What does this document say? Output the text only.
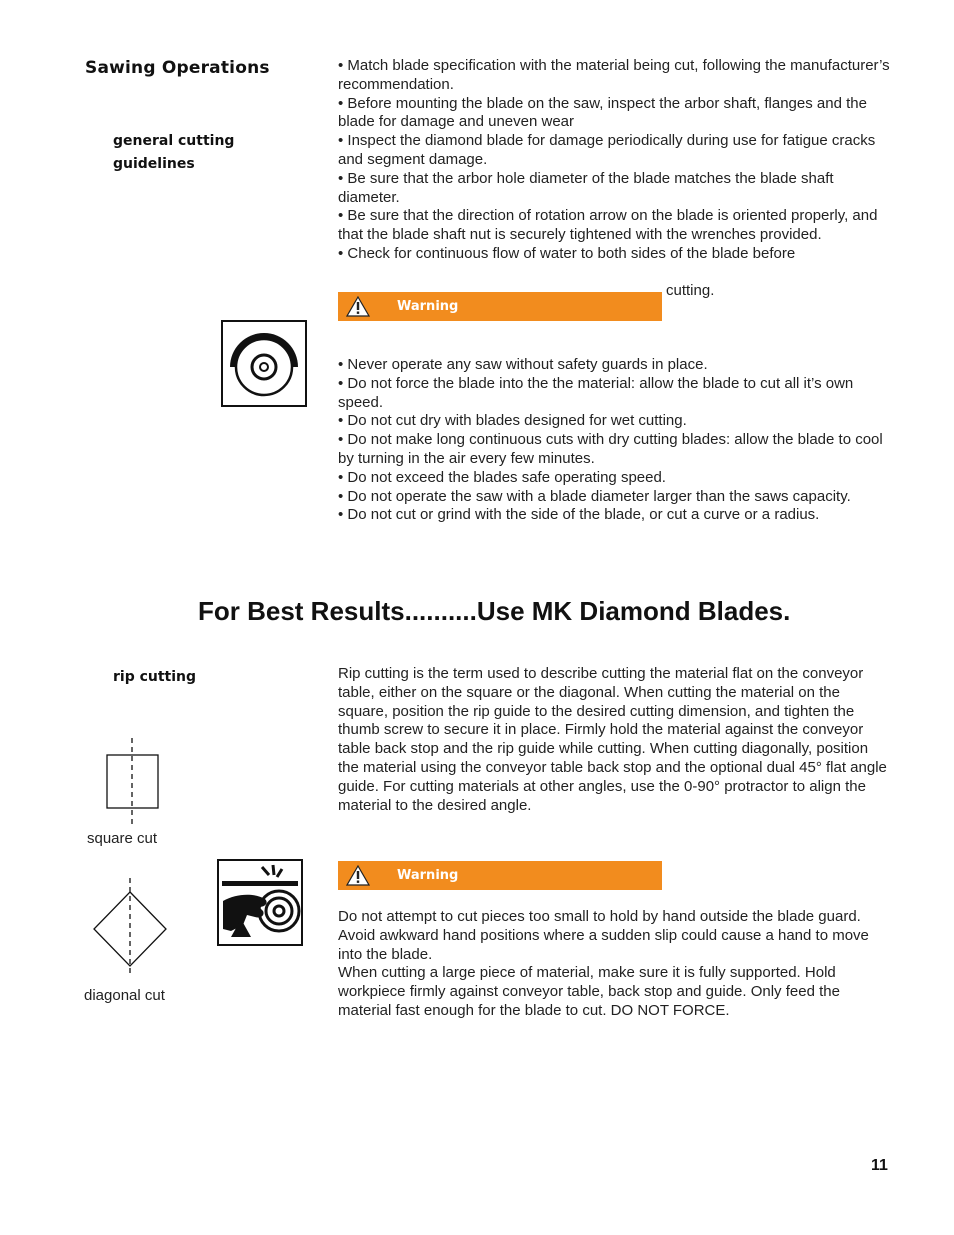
Sawing Operations
general cutting
guidelines

• Match blade specification with the material being cut, following the manufacturer’s recommendation.

• Before mounting the blade on the saw, inspect the arbor shaft, flanges and the blade for damage and uneven wear

• Inspect the diamond blade for damage periodically during use for fatigue cracks and segment damage.

• Be sure that the arbor hole diameter of the blade matches the blade shaft diameter.

• Be sure that the direction of rotation arrow on the blade is oriented properly, and that the blade shaft nut is securely tightened with the wrenches provided.

• Check for continuous flow of water to both sides of the blade before

cutting.
Warning

• Never operate any saw without safety guards in place.

• Do not force the blade into the the material: allow the blade to cut all it’s own speed.

• Do not cut dry with blades designed for wet cutting.

• Do not make long continuous cuts with dry cutting blades: allow the blade to cool by turning in the air every few minutes.

• Do not exceed the blades safe operating speed.

• Do not operate the saw with a blade diameter larger than the saws capacity.

• Do not cut or grind with the side of the blade, or cut a curve or a radius.

For Best Results..........Use MK Diamond Blades.
rip cutting	Rip cutting is the term used to describe cutting the material flat on the conveyor table, either on the square or the diagonal. When cutting the material on the square, position the rip guide to the desired cutting dimension, and tighten the thumb screw to secure it in place. Firmly hold the material against the conveyor table back stop and the rip guide while cutting. When cutting diagonally, position the material using the conveyor table back stop and the optional dual 45° flat angle guide. For cutting materials at other angles, use the 0-90° protractor to align the material to the desired angle.
square cut
diagonal cut
Warning

Do not attempt to cut pieces too small to hold by hand outside the blade guard. Avoid awkward hand positions where a sudden slip could cause a hand to move into the blade.

When cutting a large piece of material, make sure it is fully supported. Hold workpiece firmly against conveyor table, back stop and guide. Only feed the material fast enough for the blade to cut. DO NOT FORCE.

11
